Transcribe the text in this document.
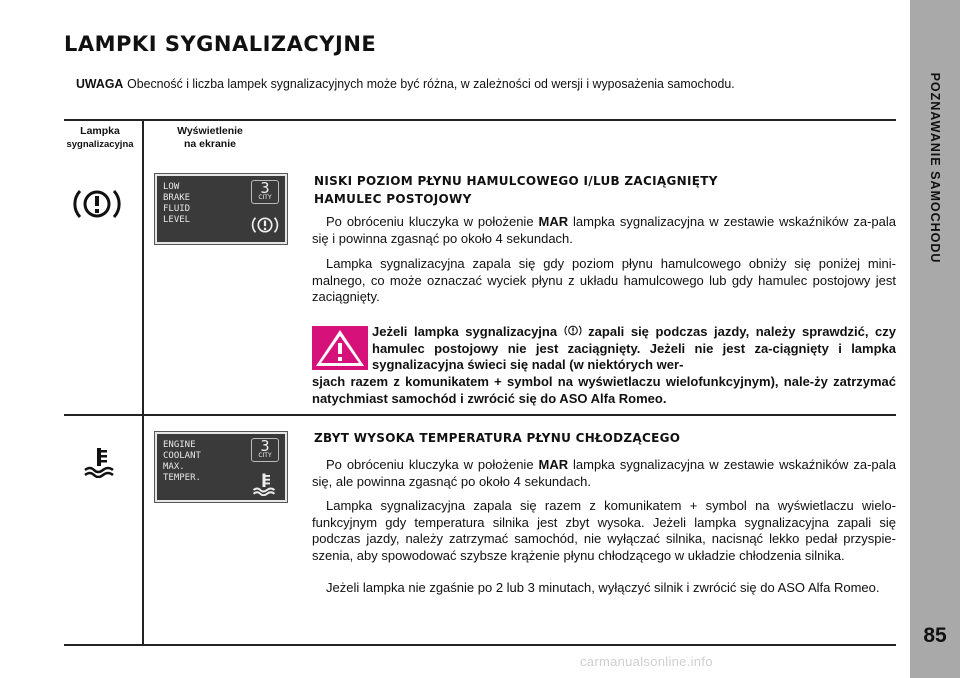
POZNAWANIE SAMOCHODU
85
LAMPKI SYGNALIZACYJNE
UWAGA Obecność i liczba lampek sygnalizacyjnych może być różna, w zależności od wersji i wyposażenia samochodu.
Lampka
sygnalizacyjna
Wyświetlenie
na ekranie
LOW
BRAKE
FLUID
LEVEL
3
CITY
NISKI POZIOM PŁYNU HAMULCOWEGO I/LUB ZACIĄGNIĘTY
HAMULEC POSTOJOWY
Po obróceniu kluczyka w położenie MAR lampka sygnalizacyjna w zestawie wskaźników za-pala się i powinna zgasnąć po około 4 sekundach.
Lampka sygnalizacyjna zapala się gdy poziom płynu hamulcowego obniży się poniżej mini-malnego, co może oznaczać wyciek płynu z układu hamulcowego lub gdy hamulec postojowy jest zaciągnięty.
Jeżeli lampka sygnalizacyjna  zapali się podczas jazdy, należy sprawdzić, czy hamulec postojowy nie jest zaciągnięty. Jeżeli nie jest za-ciągnięty i lampka sygnalizacyjna świeci się nadal (w niektórych wer-
sjach razem z komunikatem + symbol na wyświetlaczu wielofunkcyjnym), nale-ży zatrzymać natychmiast samochód i zwrócić się do ASO Alfa Romeo.
ENGINE
COOLANT
MAX.
TEMPER.
3
CITY
ZBYT WYSOKA TEMPERATURA PŁYNU CHŁODZĄCEGO
Po obróceniu kluczyka w położenie MAR lampka sygnalizacyjna w zestawie wskaźników za-pala się, ale powinna zgasnąć po około 4 sekundach.
Lampka sygnalizacyjna zapala się razem z komunikatem + symbol na wyświetlaczu wielo-funkcyjnym gdy temperatura silnika jest zbyt wysoka. Jeżeli lampka sygnalizacyjna zapali się podczas jazdy, należy zatrzymać samochód, nie wyłączać silnika, nacisnąć lekko pedał przyspie-szenia, aby spowodować szybsze krążenie płynu chłodzącego w układzie chłodzenia silnika.
Jeżeli lampka nie zgaśnie po 2 lub 3 minutach, wyłączyć silnik i zwrócić się do ASO Alfa Romeo.
carmanualsonline.info
